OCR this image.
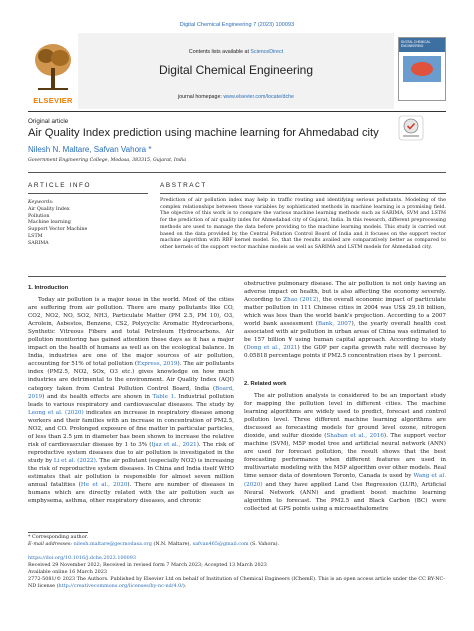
Digital Chemical Engineering 7 (2023) 100093
ELSEVIER
Contents lists available at ScienceDirect
Digital Chemical Engineering
journal homepage: www.elsevier.com/locate/dche
DIGITAL CHEMICAL ENGINEERING
Original article
Air Quality Index prediction using machine learning for Ahmedabad city
Nilesh N. Maltare, Safvan Vahora *
Government Engineering College, Modasa, 383315, Gujarat, India
ARTICLE INFO	ABSTRACT
Keywords:
Air Quality Index
Pollution
Machine learning
Support Vector Machine
LSTM
SARIMA
Prediction of air pollution index may help in traffic routing and identifying serious pollutants. Modeling of the complex relationships between these variables by sophisticated methods in machine learning is a promising field. The objective of this work is to compare the various machine learning methods such as SARIMA, SVM and LSTM for the prediction of air quality index for Ahmedabad city of Gujarat, India. In this research, different preprocessing methods are used to manage the data before providing to the machine learning models. This study is carried out based on the data provided by the Central Pollution Control Board of India and it focuses on the support vector machine algorithm with RBF kernel model. So, that the results availed are comparatively better as compared to other kernels of the support vector machine models as well as SARIMA and LSTM models for Ahmedabad city.
1. Introduction
Today air pollution is a major issue in the world. Most of the cities are suffering from air pollution. There are many pollutants like CO, CO2, NO2, NO, SO2, NH3, Particulate Matter (PM 2.5, PM 10), O3, Acrolein, Asbestos, Benzene, CS2, Polycyclic Aromatic Hydrocarbons, Synthetic Vitreous Fibers and total Petroleum Hydrocarbons. Air pollution monitoring has gained attention these days as it has a major impact on the health of humans as well as on the ecological balance. In India, industries are one of the major sources of air pollution, accounting for 51% of total pollution (Express, 2019). The air pollutants index (PM2.5, NO2, SOx, O3 etc.) gives knowledge on how much industries are detrimental to the environment. Air Quality Index (AQI) category taken from Central Pollution Control Board, India (Board, 2019) and its health effects are shown in Table 1. Industrial pollution leads to various respiratory and cardiovascular diseases. The study by Leong et al. (2020) indicates an increase in respiratory disease among workers and their families with an increase in concentration of PM2.5, NO2, and CO. Prolonged exposure of fine matter in particular particles, of less than 2.5 μm in diameter has been shown to increase the relative risk of cardiovascular disease by 1 to 3% (Ijaz et al., 2021). The risk of reproductive system diseases due to air pollution is investigated in the study by Li et al. (2022). The air pollutant (especially NO2) is increasing the risk of reproductive system diseases. In China and India itself WHO estimates that air pollution is responsible for almost seven million annual fatalities (He et al., 2020). There are number of diseases in humans which are directly related with the air pollution such as emphysema, asthma, other respiratory diseases, and chronic
obstructive pulmonary disease. The air pollution is not only having an adverse impact on health, but is also affecting the economy severely. According to Zhao (2012), the overall economic impact of particulate matter pollution in 111 Chinese cities in 2004 was US$ 29.18 billion, which was less than the world bank's projection. According to a 2007 world bank assessment (Bank, 2007), the yearly overall health cost associated with air pollution in urban areas of China was estimated to be 157 billion ¥ using human capital approach. According to study (Dong et al., 2021) the GDP per capita growth rate will decrease by 0.05818 percentage points if PM2.5 concentration rises by 1 percent.
2. Related work
The air pollution analysis is considered to be an important study for mapping the pollution level in different cities. The machine learning algorithms are widely used to predict, forecast and control pollution level. Three different machine learning algorithms are discussed as forecasting models for ground level ozone, nitrogen dioxide, and sulfur dioxide (Shaban et al., 2016). The support vector machine (SVM), M5P model tree and artificial neural network (ANN) are used for forecast pollution, the result shows that the best forecasting performance when different features are used in multivariate modeling with the M5P algorithm over other models. Real time sensor data of downtown Toronto, Canada is used by Wang et al. (2020) and they have applied Land Use Regression (LUR), Artificial Neural Network (ANN) and gradient boost machine learning algorithm to forecast. The PM2.5 and Black Carbon (BC) were collected at GPS points using a microaethalometre
* Corresponding author.
E-mail addresses: nilesh.maltare@gecmodasa.org (N.N. Maltare), safvan465@gmail.com (S. Vahora).
https://doi.org/10.1016/j.dche.2023.100093
Received 29 November 2022; Received in revised form 7 March 2023; Accepted 13 March 2023
Available online 16 March 2023
2772-5081/© 2023 The Authors. Published by Elsevier Ltd on behalf of Institution of Chemical Engineers (IChemE). This is an open access article under the CC BY-NC-ND license (http://creativecommons.org/licenses/by-nc-nd/4.0/).
